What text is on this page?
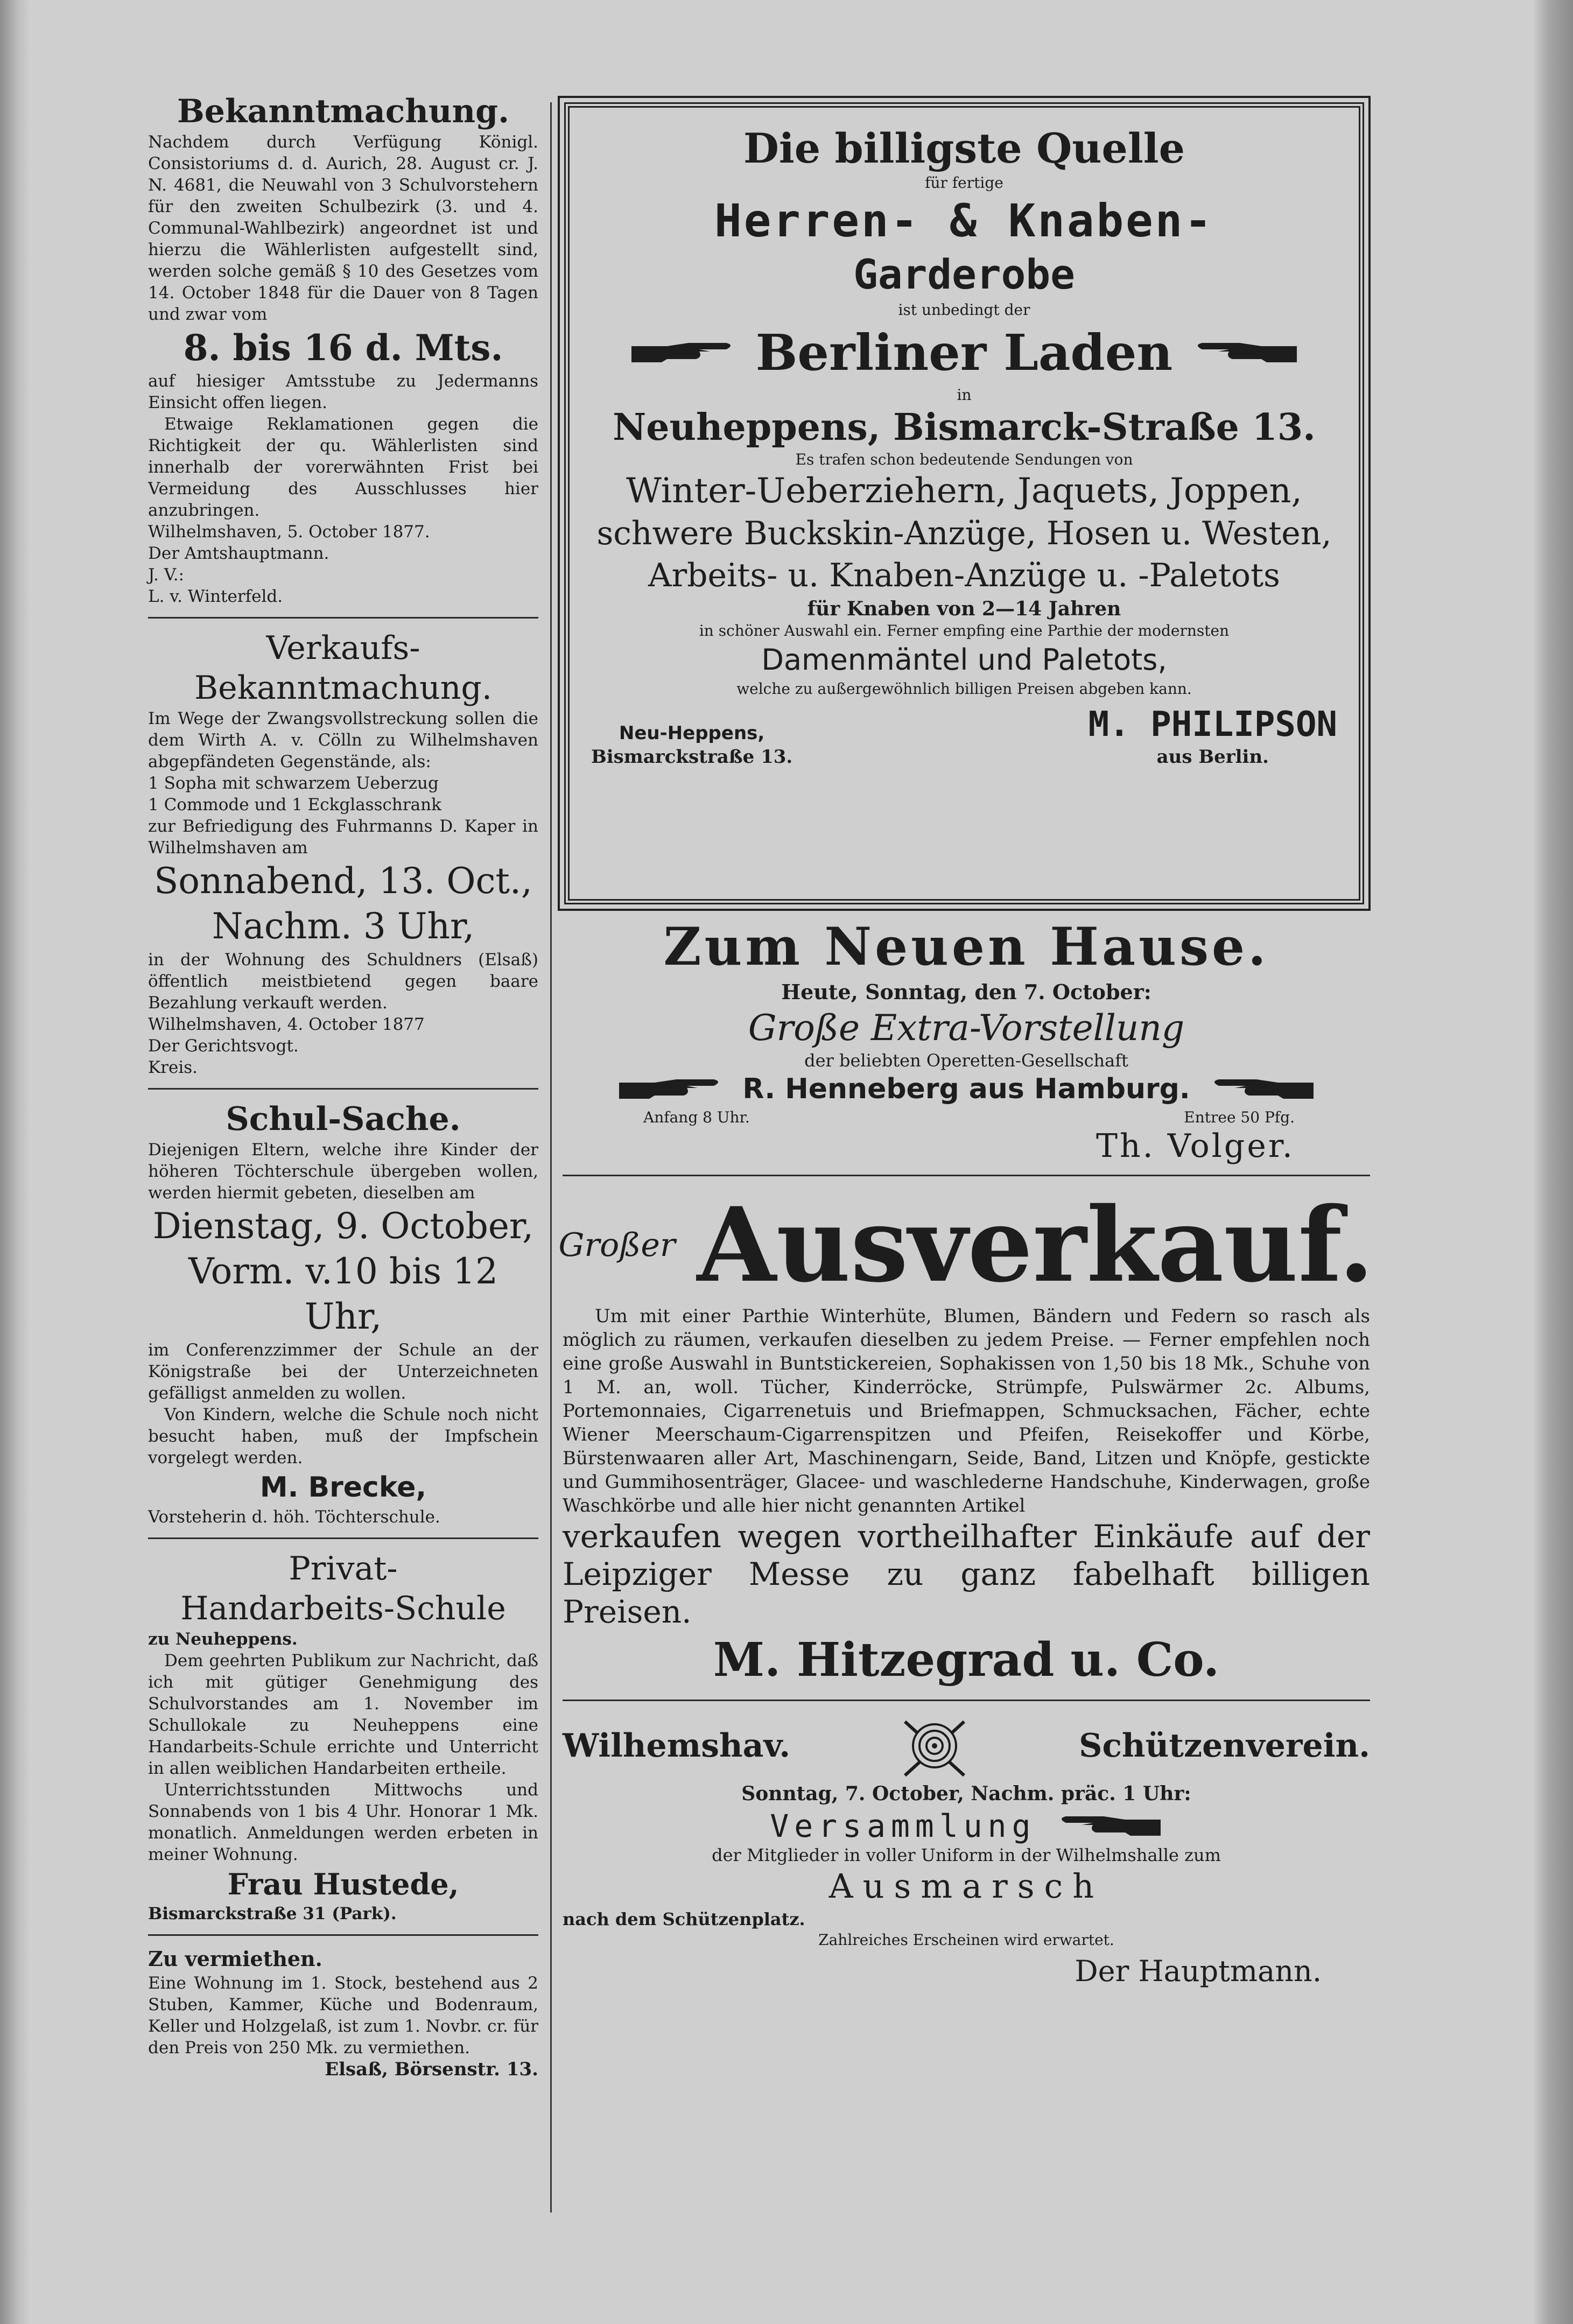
Bekanntmachung.

Nachdem durch Verfügung Königl. Consistoriums d. d. Aurich, 28. August cr. J. N. 4681, die Neuwahl von 3 Schulvorstehern für den zweiten Schulbezirk (3. und 4. Communal-Wahlbezirk) angeordnet ist und hierzu die Wählerlisten aufgestellt sind, werden solche gemäß § 10 des Gesetzes vom 14. October 1848 für die Dauer von 8 Tagen und zwar vom

8. bis 16 d. Mts.

auf hiesiger Amtsstube zu Jedermanns Einsicht offen liegen.

Etwaige Reklamationen gegen die Richtigkeit der qu. Wählerlisten sind innerhalb der vorerwähnten Frist bei Vermeidung des Ausschlusses hier anzubringen.

Wilhelmshaven, 5. October 1877.

Der Amtshauptmann.

J. V.:

L. v. Winterfeld.

Verkaufs-
Bekanntmachung.

Im Wege der Zwangsvollstreckung sollen die dem Wirth A. v. Cölln zu Wilhelmshaven abgepfändeten Gegenstände, als:

1 Sopha mit schwarzem Ueberzug

1 Commode und 1 Eckglasschrank

zur Befriedigung des Fuhrmanns D. Kaper in Wilhelmshaven am

Sonnabend, 13. Oct.,
Nachm. 3 Uhr,

in der Wohnung des Schuldners (Elsaß) öffentlich meistbietend gegen baare Bezahlung verkauft werden.

Wilhelmshaven, 4. October 1877

Der Gerichtsvogt.

Kreis.

Schul-Sache.

Diejenigen Eltern, welche ihre Kinder der höheren Töchterschule übergeben wollen, werden hiermit gebeten, dieselben am

Dienstag, 9. October,
Vorm. v.10 bis 12 Uhr,

im Conferenzzimmer der Schule an der Königstraße bei der Unterzeichneten gefälligst anmelden zu wollen.

Von Kindern, welche die Schule noch nicht besucht haben, muß der Impfschein vorgelegt werden.

M. Brecke,

Vorsteherin d. höh. Töchterschule.

Privat-
Handarbeits-Schule

zu Neuheppens.

Dem geehrten Publikum zur Nachricht, daß ich mit gütiger Genehmigung des Schulvorstandes am 1. November im Schullokale zu Neuheppens eine Handarbeits-Schule errichte und Unterricht in allen weiblichen Handarbeiten ertheile.

Unterrichtsstunden Mittwochs und Sonnabends von 1 bis 4 Uhr. Honorar 1 Mk. monatlich. Anmeldungen werden erbeten in meiner Wohnung.

Frau Hustede,

Bismarckstraße 31 (Park).

Zu vermiethen.

Eine Wohnung im 1. Stock, bestehend aus 2 Stuben, Kammer, Küche und Bodenraum, Keller und Holzgelaß, ist zum 1. Novbr. cr. für den Preis von 250 Mk. zu vermiethen.

Elsaß, Börsenstr. 13.

Die billigste Quelle
für fertige
Herren- & Knaben-
Garderobe
ist unbedingt der
Berliner Laden
in
Neuheppens, Bismarck-Straße 13.
Es trafen schon bedeutende Sendungen von
Winter-Ueberziehern, Jaquets, Joppen,
schwere Buckskin-Anzüge, Hosen u. Westen,
Arbeits- u. Knaben-Anzüge u. -Paletots
für Knaben von 2—14 Jahren
in schöner Auswahl ein. Ferner empfing eine Parthie der modernsten
Damenmäntel und Paletots,
welche zu außergewöhnlich billigen Preisen abgeben kann.
Neu-Heppens,
Bismarckstraße 13.
M. PHILIPSON
aus Berlin.
Zum Neuen Hause.
Heute, Sonntag, den 7. October:
Große Extra-Vorstellung
der beliebten Operetten-Gesellschaft
R. Henneberg aus Hamburg.
Anfang 8 Uhr.	Entree 50 Pfg.
Th. Volger.
Großer Ausverkauf.

Um mit einer Parthie Winterhüte, Blumen, Bändern und Federn so rasch als möglich zu räumen, verkaufen dieselben zu jedem Preise. — Ferner empfehlen noch eine große Auswahl in Buntstickereien, Sophakissen von 1,50 bis 18 Mk., Schuhe von 1 M. an, woll. Tücher, Kinderröcke, Strümpfe, Pulswärmer 2c. Albums, Portemonnaies, Cigarrenetuis und Briefmappen, Schmucksachen, Fächer, echte Wiener Meerschaum-Cigarrenspitzen und Pfeifen, Reisekoffer und Körbe, Bürstenwaaren aller Art, Maschinengarn, Seide, Band, Litzen und Knöpfe, gestickte und Gummihosenträger, Glacee- und waschlederne Handschuhe, Kinderwagen, große Waschkörbe und alle hier nicht genannten Artikel

verkaufen wegen vortheilhafter Einkäufe auf der Leipziger Messe zu ganz fabelhaft billigen Preisen.

M. Hitzegrad u. Co.
Wilhemshav.	Schützenverein.
Sonntag, 7. October, Nachm. präc. 1 Uhr:
Versammlung
der Mitglieder in voller Uniform in der Wilhelmshalle zum
Ausmarsch
nach dem Schützenplatz.
Zahlreiches Erscheinen wird erwartet.
Der Hauptmann.
